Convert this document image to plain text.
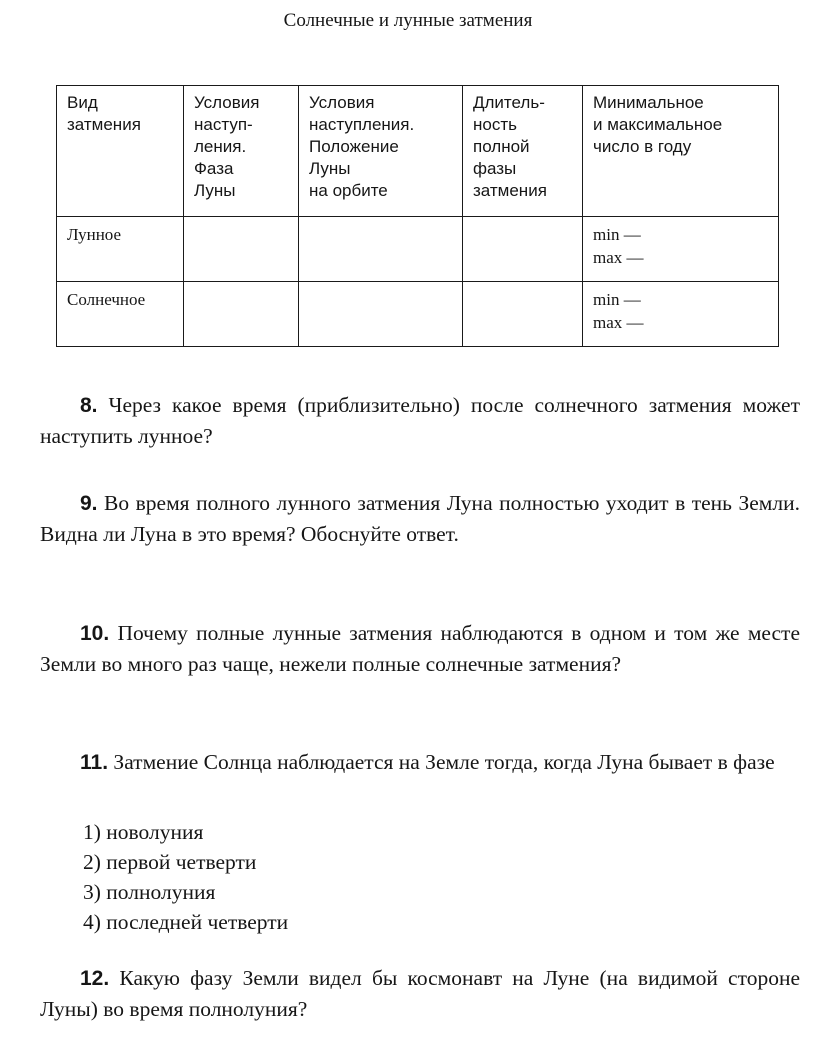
Солнечные и лунные затмения
Вид
затмения	Условия
наступ-
ления.
Фаза
Луны	Условия
наступления.
Положение
Луны
на орбите	Длитель-
ность
полной
фазы
затмения	Минимальное
и максимальное
число в году
Лунное				min —
max —
Солнечное				min —
max —

8. Через какое время (приблизительно) после солнечного затмения может наступить лунное?

9. Во время полного лунного затмения Луна полностью уходит в тень Земли. Видна ли Луна в это время? Обоснуйте ответ.

10. Почему полные лунные затмения наблюдаются в одном и том же месте Земли во много раз чаще, нежели полные солнечные затмения?

11. Затмение Солнца наблюдается на Земле тогда, когда Луна бывает в фазе

1) новолуния
2) первой четверти
3) полнолуния
4) последней четверти

12. Какую фазу Земли видел бы космонавт на Луне (на видимой стороне Луны) во время полнолуния?
